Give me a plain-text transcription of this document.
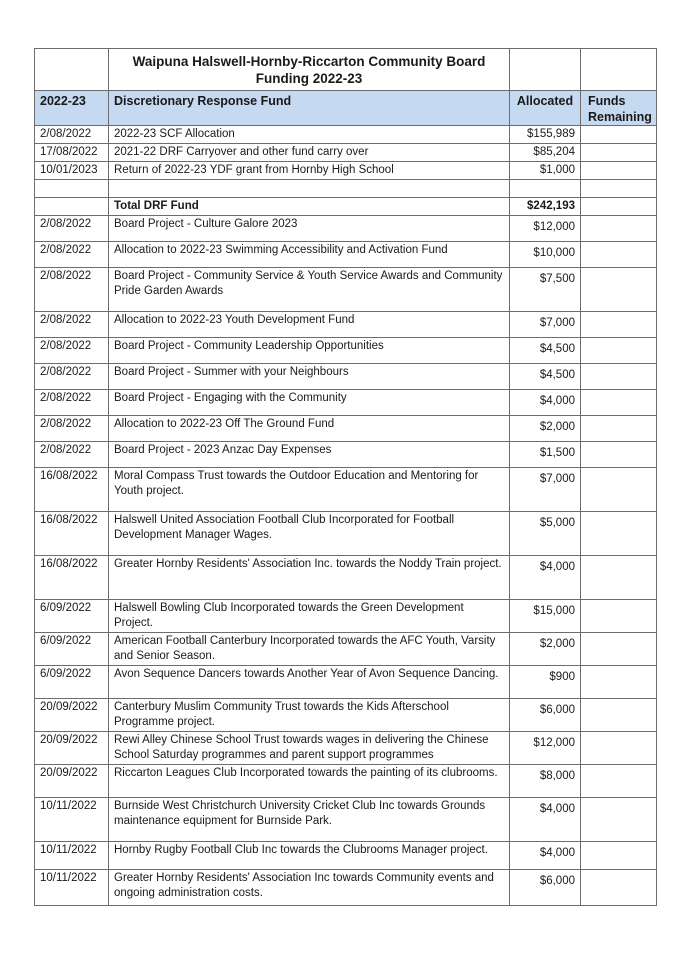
	Waipuna Halswell-Hornby-Riccarton Community Board Funding 2022-23		
2022-23	Discretionary Response Fund	Allocated	Funds Remaining
2/08/2022	2022-23 SCF Allocation	$155,989	
17/08/2022	2021-22 DRF Carryover and other fund carry over	$85,204	
10/01/2023	Return of 2022-23 YDF grant from Hornby High School	$1,000	

	Total DRF Fund	$242,193	
2/08/2022	Board Project - Culture Galore 2023	$12,000	
2/08/2022	Allocation to 2022-23 Swimming Accessibility and Activation Fund	$10,000	
2/08/2022	Board Project - Community Service & Youth Service Awards and Community Pride Garden Awards	$7,500	
2/08/2022	Allocation to 2022-23 Youth Development Fund	$7,000	
2/08/2022	Board Project - Community Leadership Opportunities	$4,500	
2/08/2022	Board Project - Summer with your Neighbours	$4,500	
2/08/2022	Board Project - Engaging with the Community	$4,000	
2/08/2022	Allocation to 2022-23 Off The Ground Fund	$2,000	
2/08/2022	Board Project - 2023 Anzac Day Expenses	$1,500	
16/08/2022	Moral Compass Trust towards the Outdoor Education and Mentoring for Youth project.	$7,000	
16/08/2022	Halswell United Association Football Club Incorporated for Football Development Manager Wages.	$5,000	
16/08/2022	Greater Hornby Residents' Association Inc. towards the Noddy Train project.	$4,000	
6/09/2022	Halswell Bowling Club Incorporated towards the Green Development Project.	$15,000	
6/09/2022	American Football Canterbury Incorporated towards the AFC Youth, Varsity and Senior Season.	$2,000	
6/09/2022	Avon Sequence Dancers towards Another Year of Avon Sequence Dancing.	$900	
20/09/2022	Canterbury Muslim Community Trust towards the Kids Afterschool Programme project.	$6,000	
20/09/2022	Rewi Alley Chinese School Trust towards wages in delivering the Chinese School Saturday programmes and parent support programmes	$12,000	
20/09/2022	Riccarton Leagues Club Incorporated towards the painting of its clubrooms.	$8,000	
10/11/2022	Burnside West Christchurch University Cricket Club Inc towards Grounds maintenance equipment for Burnside Park.	$4,000	
10/11/2022	Hornby Rugby Football Club Inc towards the Clubrooms Manager project.	$4,000	
10/11/2022	Greater Hornby Residents' Association Inc towards Community events and ongoing administration costs.	$6,000	
